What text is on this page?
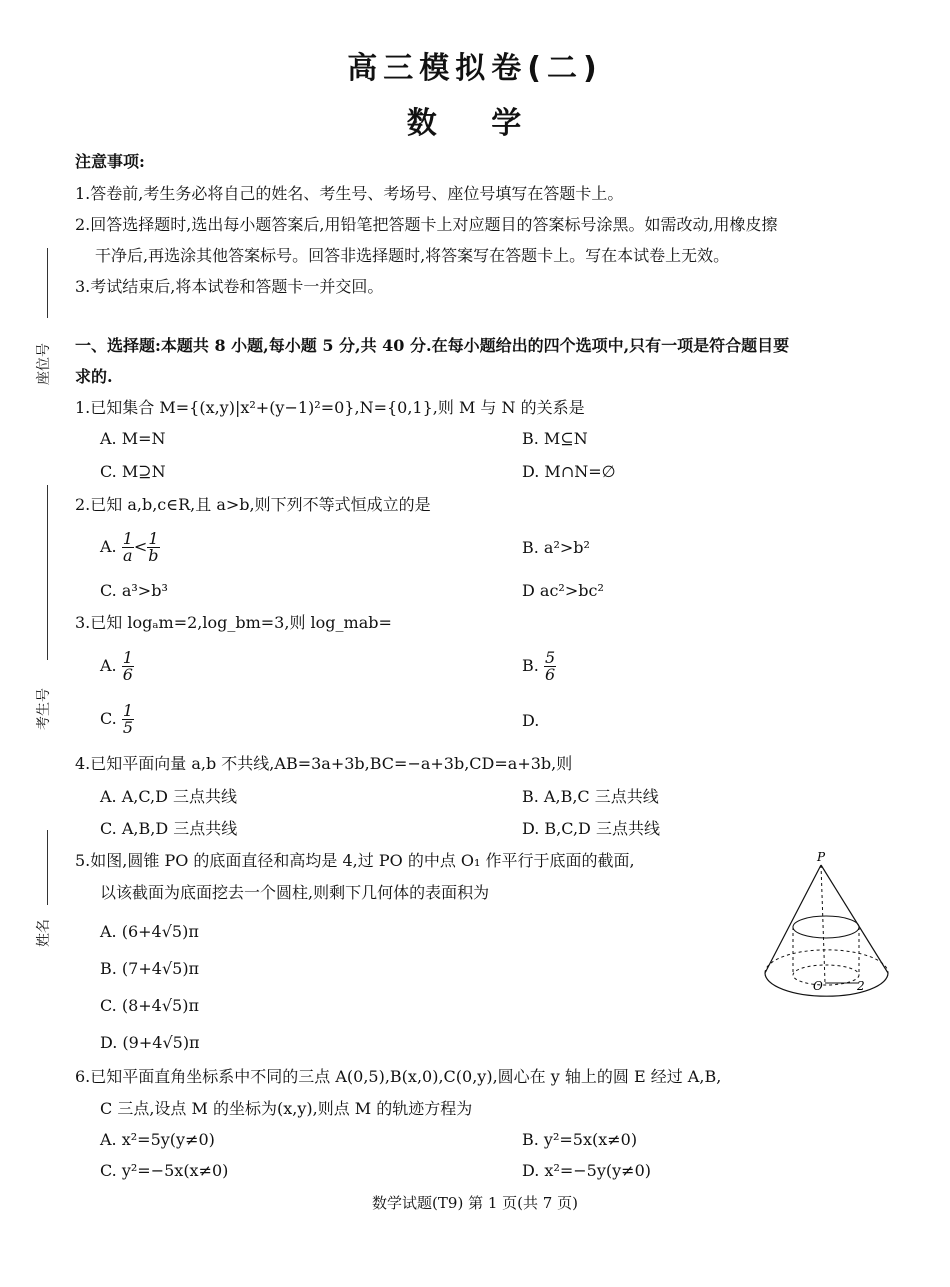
高三模拟卷(二)
数 学
座位号
考生号
姓名
注意事项:
1.答卷前,考生务必将自己的姓名、考生号、考场号、座位号填写在答题卡上。
2.回答选择题时,选出每小题答案后,用铅笔把答题卡上对应题目的答案标号涂黑。如需改动,用橡皮擦
干净后,再选涂其他答案标号。回答非选择题时,将答案写在答题卡上。写在本试卷上无效。
3.考试结束后,将本试卷和答题卡一并交回。
一、选择题:本题共 8 小题,每小题 5 分,共 40 分.在每小题给出的四个选项中,只有一项是符合题目要
求的.
1.已知集合 M={(x,y)|x²+(y−1)²=0},N={0,1},则 M 与 N 的关系是
A. M=N	B. M⊆N
C. M⊇N	D. M∩N=∅
2.已知 a,b,c∈R,且 a>b,则下列不等式恒成立的是
A. $\frac{1}{a} < \frac{1}{b}$	B. a²>b²
C. a³>b³	D ac²>bc²
3.已知 logₐm=2,log_bm=3,则 log_mab=
A. $\frac{1}{6}$	B. $\frac{5}{6}$
C. $\frac{1}{5}$	D.
4.已知平面向量 a,b 不共线,AB=3a+3b,BC=−a+3b,CD=a+3b,则
A. A,C,D 三点共线	B. A,B,C 三点共线
C. A,B,D 三点共线	D. B,C,D 三点共线
5.如图,圆锥 PO 的底面直径和高均是 4,过 PO 的中点 O₁ 作平行于底面的截面,
以该截面为底面挖去一个圆柱,则剩下几何体的表面积为
A. (6+4√5)π
B. (7+4√5)π
C. (8+4√5)π
D. (9+4√5)π
P
O	2
6.已知平面直角坐标系中不同的三点 A(0,5),B(x,0),C(0,y),圆心在 y 轴上的圆 E 经过 A,B,
C 三点,设点 M 的坐标为(x,y),则点 M 的轨迹方程为
A. x²=5y(y≠0)	B. y²=5x(x≠0)
C. y²=−5x(x≠0)	D. x²=−5y(y≠0)
数学试题(T9) 第 1 页(共 7 页)
